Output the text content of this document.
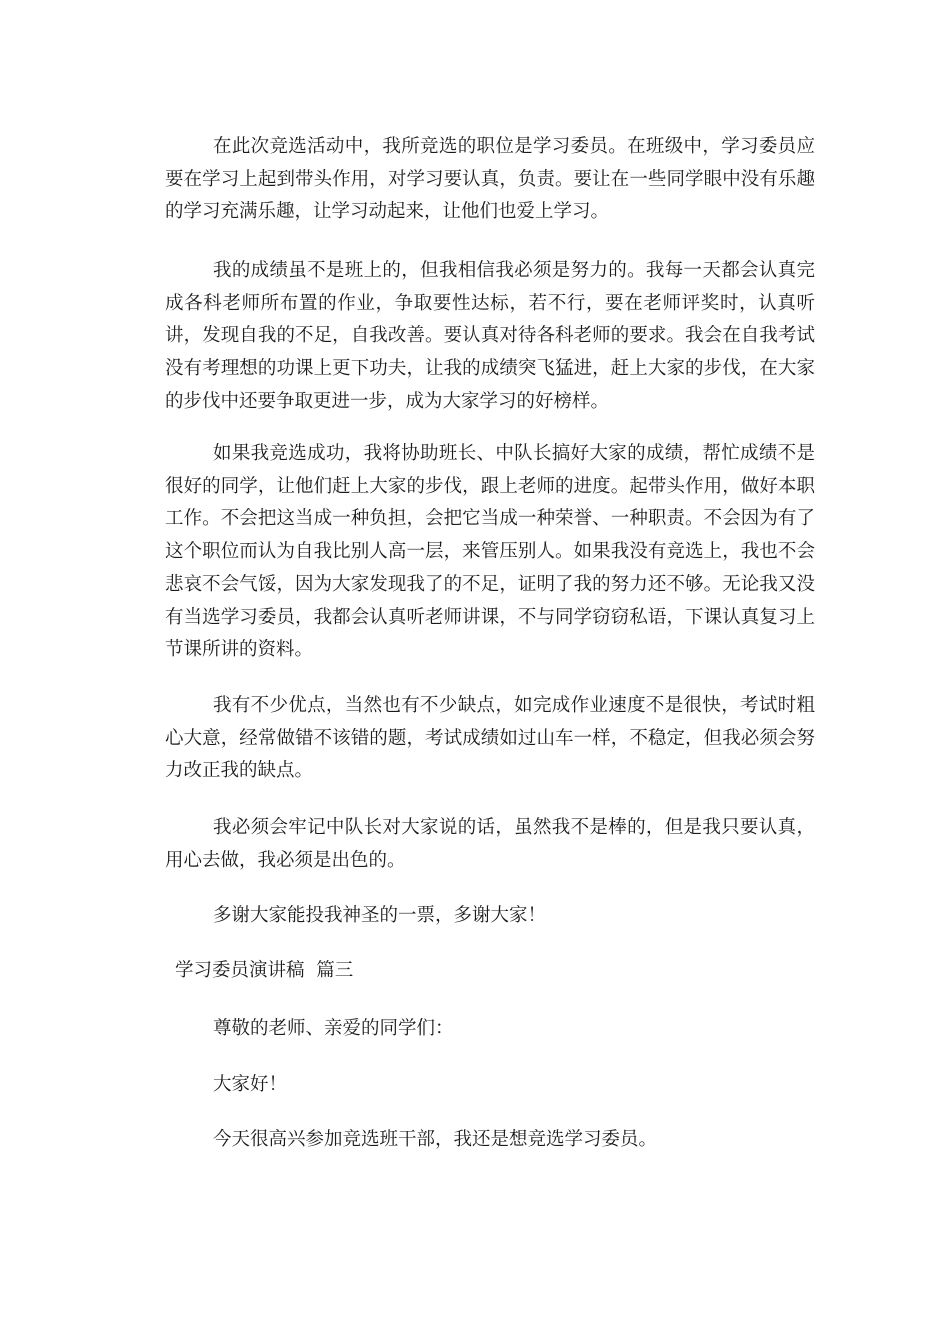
在此次竞选活动中，我所竞选的职位是学习委员。在班级中，学习委员应要在学习上起到带头作用，对学习要认真，负责。要让在一些同学眼中没有乐趣的学习充满乐趣，让学习动起来，让他们也爱上学习。

我的成绩虽不是班上的，但我相信我必须是努力的。我每一天都会认真完成各科老师所布置的作业，争取要性达标，若不行，要在老师评奖时，认真听讲，发现自我的不足，自我改善。要认真对待各科老师的要求。我会在自我考试没有考理想的功课上更下功夫，让我的成绩突飞猛进，赶上大家的步伐，在大家的步伐中还要争取更进一步，成为大家学习的好榜样。

如果我竞选成功，我将协助班长、中队长搞好大家的成绩，帮忙成绩不是很好的同学，让他们赶上大家的步伐，跟上老师的进度。起带头作用，做好本职工作。不会把这当成一种负担，会把它当成一种荣誉、一种职责。不会因为有了这个职位而认为自我比别人高一层，来管压别人。如果我没有竞选上，我也不会悲哀不会气馁，因为大家发现我了的不足，证明了我的努力还不够。无论我又没有当选学习委员，我都会认真听老师讲课，不与同学窃窃私语，下课认真复习上节课所讲的资料。

我有不少优点，当然也有不少缺点，如完成作业速度不是很快，考试时粗心大意，经常做错不该错的题，考试成绩如过山车一样，不稳定，但我必须会努力改正我的缺点。

我必须会牢记中队长对大家说的话，虽然我不是棒的，但是我只要认真，用心去做，我必须是出色的。

多谢大家能投我神圣的一票，多谢大家！

学习委员演讲稿  篇三

尊敬的老师、亲爱的同学们：

大家好！

今天很高兴参加竞选班干部，我还是想竞选学习委员。
